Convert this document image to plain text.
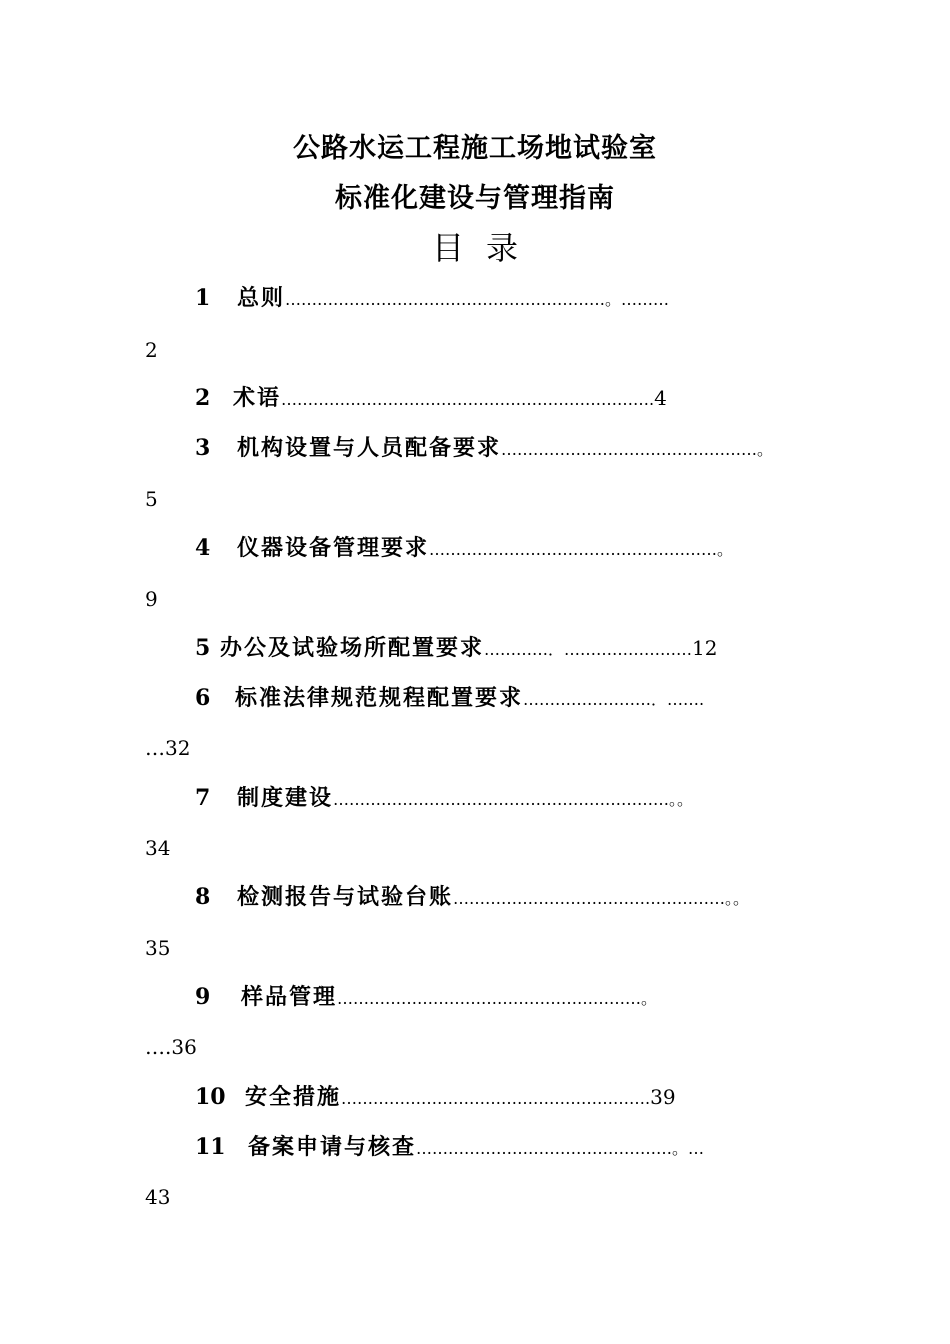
公路水运工程施工场地试验室
标准化建设与管理指南
目录
1 总则……………………………………………………。………
2
2 术语…………………………………………………………….4
3 机构设置与人员配备要求…………………………………………。
5
4 仪器设备管理要求………………………………………………。
9
5 办公及试验场所配置要求…………．……………………12
6 标准法律规范规程配置要求……………………．…….
…32
7 制度建设………………………………………………………。。
34
8 检测报告与试验台账……………………………………………。。
35
9 样品管理…………………………………………………。
….36
10 安全措施………………………………………………….39
11 备案申请与核查…………………………………………。…
43
